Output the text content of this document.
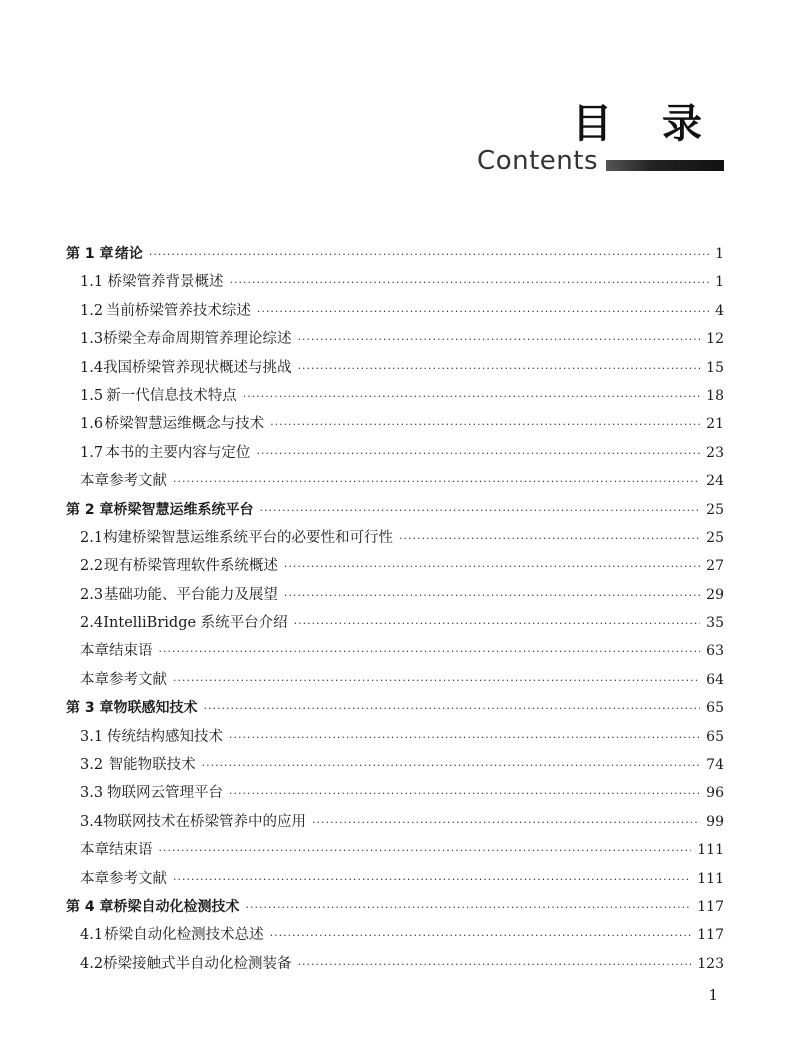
目 录
Contents
第 1 章 绪论 ·····	1
1.1 桥梁管养背景概述 ·····	1
1.2 当前桥梁管养技术综述 ·····	4
1.3 桥梁全寿命周期管养理论综述 ·····	12
1.4 我国桥梁管养现状概述与挑战 ·····	15
1.5 新一代信息技术特点 ·····	18
1.6 桥梁智慧运维概念与技术 ·····	21
1.7 本书的主要内容与定位 ·····	23
本章参考文献 ·····	24
第 2 章 桥梁智慧运维系统平台 ·····	25
2.1 构建桥梁智慧运维系统平台的必要性和可行性 ·····	25
2.2 现有桥梁管理软件系统概述 ·····	27
2.3 基础功能、平台能力及展望 ·····	29
2.4 IntelliBridge 系统平台介绍 ·····	35
本章结束语 ·····	63
本章参考文献 ·····	64
第 3 章 物联感知技术 ·····	65
3.1 传统结构感知技术 ·····	65
3.2 智能物联技术 ·····	74
3.3 物联网云管理平台 ·····	96
3.4 物联网技术在桥梁管养中的应用 ·····	99
本章结束语 ·····	111
本章参考文献 ·····	111
第 4 章 桥梁自动化检测技术 ·····	117
4.1 桥梁自动化检测技术总述 ·····	117
4.2 桥梁接触式半自动化检测装备 ·····	123
1
